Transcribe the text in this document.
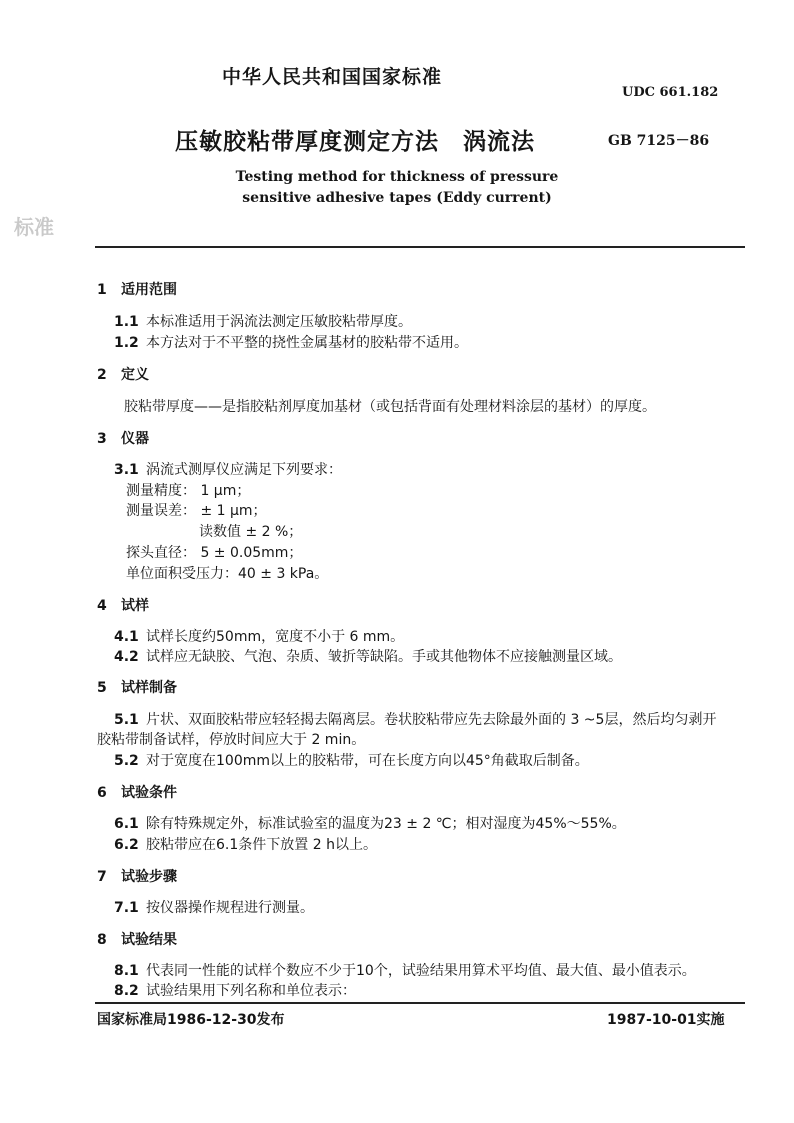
中华人民共和国国家标准
UDC 661.182
压敏胶粘带厚度测定方法　涡流法	GB 7125－86
Testing method for thickness of pressure
sensitive adhesive tapes (Eddy current)
标准
1 适用范围
1.1 本标准适用于涡流法测定压敏胶粘带厚度。
1.2 本方法对于不平整的挠性金属基材的胶粘带不适用。
2 定义
胶粘带厚度——是指胶粘剂厚度加基材（或包括背面有处理材料涂层的基材）的厚度。
3 仪器
3.1 涡流式测厚仪应满足下列要求：
测量精度： 1 μm；
测量误差： ± 1 μm；
读数值 ± 2 %；
探头直径： 5 ± 0.05mm；
单位面积受压力：40 ± 3 kPa。
4 试样
4.1 试样长度约50mm，宽度不小于 6 mm。
4.2 试样应无缺胶、气泡、杂质、皱折等缺陷。手或其他物体不应接触测量区域。
5 试样制备
5.1 片状、双面胶粘带应轻轻揭去隔离层。卷状胶粘带应先去除最外面的 3 ~5层，然后均匀剥开
胶粘带制备试样，停放时间应大于 2 min。
5.2 对于宽度在100mm以上的胶粘带，可在长度方向以45°角截取后制备。
6 试验条件
6.1 除有特殊规定外，标准试验室的温度为23 ± 2 ℃；相对湿度为45%～55%。
6.2 胶粘带应在6.1条件下放置 2 h以上。
7 试验步骤
7.1 按仪器操作规程进行测量。
8 试验结果
8.1 代表同一性能的试样个数应不少于10个，试验结果用算术平均值、最大值、最小值表示。
8.2 试验结果用下列名称和单位表示：
国家标准局1986-12-30发布	1987-10-01实施
